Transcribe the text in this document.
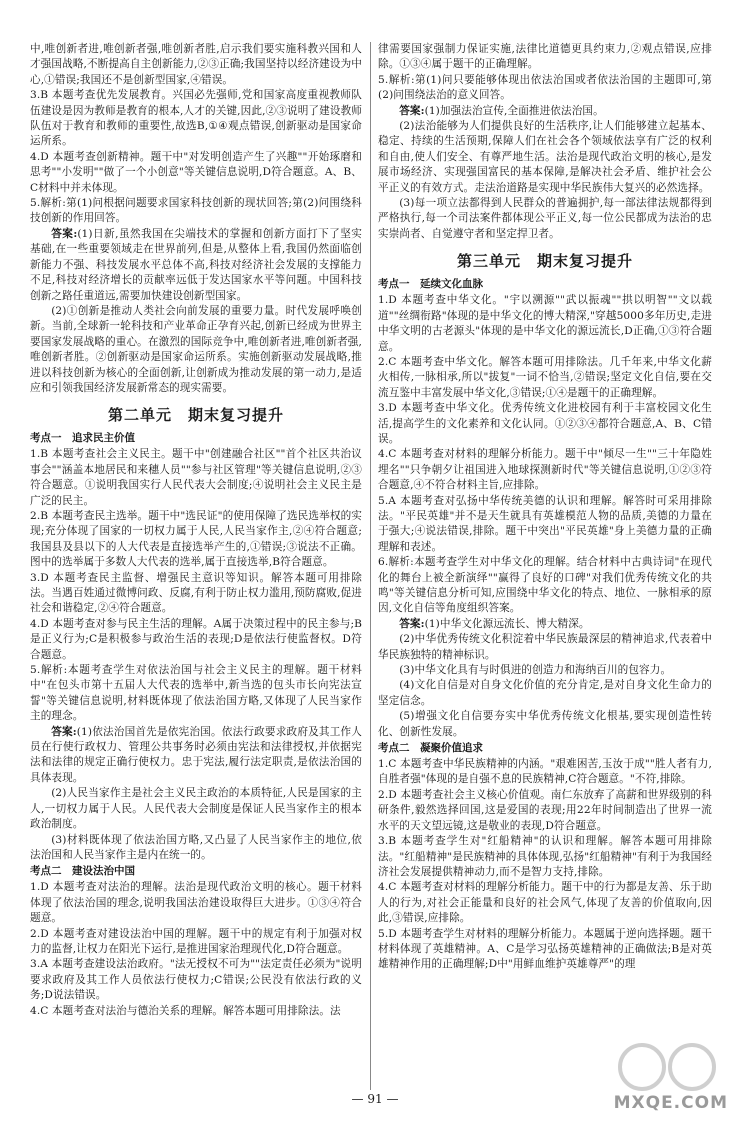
中,唯创新者进,唯创新者强,唯创新者胜,启示我们要实施科教兴国和人才强国战略,不断提高自主创新能力,②③正确;我国坚持以经济建设为中心,①错误;我国还不是创新型国家,④错误。

3.B 本题考查优先发展教育。兴国必先强师,党和国家高度重视教师队伍建设是因为教师是教育的根本,人才的关键,因此,②③说明了建设教师队伍对于教育和教师的重要性,故选B,①④观点错误,创新驱动是国家命运所系。

4.D 本题考查创新精神。题干中"对发明创造产生了兴趣""开始琢磨和思考""小发明""做了一个小创意"等关键信息说明,D符合题意。A、B、C材料中并未体现。

5.解析:第(1)问根据问题要求国家科技创新的现状回答;第(2)问围绕科技创新的作用回答。

答案:(1)日新,虽然我国在尖端技术的掌握和创新方面打下了坚实基础,在一些重要领域走在世界前列,但是,从整体上看,我国仍然面临创新能力不强、科技发展水平总体不高,科技对经济社会发展的支撑能力不足,科技对经济增长的贡献率远低于发达国家水平等问题。中国科技创新之路任重道远,需要加快建设创新型国家。

(2)①创新是推动人类社会向前发展的重要力量。时代发展呼唤创新。当前,全球新一轮科技和产业革命正孕育兴起,创新已经成为世界主要国家发展战略的重心。在激烈的国际竞争中,唯创新者进,唯创新者强,唯创新者胜。②创新驱动是国家命运所系。实施创新驱动发展战略,推进以科技创新为核心的全面创新,让创新成为推动发展的第一动力,是适应和引领我国经济发展新常态的现实需要。

第二单元　期末复习提升
考点一　追求民主价值

1.B 本题考查社会主义民主。题干中"创建融合社区""首个社区共治议事会""涵盖本地居民和来穗人员""参与社区管理"等关键信息说明,②③符合题意。①说明我国实行人民代表大会制度;④说明社会主义民主是广泛的民主。

2.B 本题考查民主选举。题干中"选民证"的使用保障了选民选举权的实现;充分体现了国家的一切权力属于人民,人民当家作主,②④符合题意;我国县及县以下的人大代表是直接选举产生的,①错误;③说法不正确。图中的选举属于多数人大代表的选举,属于直接选举,B符合题意。

3.D 本题考查民主监督、增强民主意识等知识。解答本题可用排除法。当遇百姓通过微博问政、反腐,有利于防止权力滥用,预防腐败,促进社会和谐稳定,②④符合题意。

4.D 本题考查对参与民主生活的理解。A属于决策过程中的民主参与;B是正义行为;C是积极参与政治生活的表现;D是依法行使监督权。D符合题意。

5.解析:本题考查学生对依法治国与社会主义民主的理解。题干材料中"在包头市第十五届人大代表的选举中,新当选的包头市长向宪法宣誓"等关键信息说明,材料既体现了依法治国方略,又体现了人民当家作主的理念。

答案:(1)依法治国首先是依宪治国。依法行政要求政府及其工作人员在行使行政权力、管理公共事务时必须由宪法和法律授权,并依据宪法和法律的规定正确行使权力。忠于宪法,履行法定职责,是依法治国的具体表现。

(2)人民当家作主是社会主义民主政治的本质特征,人民是国家的主人,一切权力属于人民。人民代表大会制度是保证人民当家作主的根本政治制度。

(3)材料既体现了依法治国方略,又凸显了人民当家作主的地位,依法治国和人民当家作主是内在统一的。

考点二　建设法治中国

1.D 本题考查对法治的理解。法治是现代政治文明的核心。题干材料体现了依法治国的理念,说明我国法治建设取得巨大进步。①③④符合题意。

2.D 本题考查对建设法治中国的理解。题干中的规定有利于加强对权力的监督,让权力在阳光下运行,是推进国家治理现代化,D符合题意。

3.A 本题考查建设法治政府。"法无授权不可为""法定责任必须为"说明要求政府及其工作人员依法行使权力;C错误;公民没有依法行政的义务;D说法错误。

4.C 本题考查对法治与德治关系的理解。解答本题可用排除法。法

律需要国家强制力保证实施,法律比道德更具约束力,②观点错误,应排除。①③④属于题干的正确理解。

5.解析:第(1)问只要能够体现出依法治国或者依法治国的主题即可,第(2)问围绕法治的意义回答。

答案:(1)加强法治宣传,全面推进依法治国。

(2)法治能够为人们提供良好的生活秩序,让人们能够建立起基本、稳定、持续的生活预期,保障人们在社会各个领域依法享有广泛的权利和自由,使人们安全、有尊严地生活。法治是现代政治文明的核心,是发展市场经济、实现强国富民的基本保障,是解决社会矛盾、维护社会公平正义的有效方式。走法治道路是实现中华民族伟大复兴的必然选择。

(3)每一项立法都得到人民群众的普遍拥护,每一部法律法规都得到严格执行,每一个司法案件都体现公平正义,每一位公民都成为法治的忠实崇尚者、自觉遵守者和坚定捍卫者。

第三单元　期末复习提升
考点一　延续文化血脉

1.D 本题考查中华文化。"宇以溯源""武以振魂""拱以明智""文以载道""丝绸衔路"体现的是中华文化的博大精深,"穿越5000多年历史,走进中华文明的古老源头"体现的是中华文化的源远流长,D正确,①③符合题意。

2.C 本题考查中华文化。解答本题可用排除法。几千年来,中华文化薪火相传,一脉相承,所以"拔复"一词不恰当,②错误;坚定文化自信,要在交流互鉴中丰富发展中华文化,③错误;①④是题干的正确理解。

3.D 本题考查中华文化。优秀传统文化进校园有利于丰富校园文化生活,提高学生的文化素养和文化认同。①②③④都符合题意,A、B、C错误。

4.C 本题考查对材料的理解分析能力。题干中"倾尽一生""三十年隐姓埋名""只争朝夕让祖国进入地球探测新时代"等关键信息说明,①②③符合题意,④不符合材料主旨,应排除。

5.A 本题考查对弘扬中华传统美德的认识和理解。解答时可采用排除法。"平民英雄"并不是天生就具有英雄模范人物的品质,美德的力量在于强大;④说法错误,排除。题干中突出"平民英雄"身上美德力量的正确理解和表述。

6.解析:本题考查学生对中华文化的理解。结合材料中古典诗词"在现代化的舞台上被全新演绎""赢得了良好的口碑"对我们优秀传统文化的共鸣"等关键信息分析可知,应围绕中华文化的特点、地位、一脉相承的原因,文化自信等角度组织答案。

答案:(1)中华文化源远流长、博大精深。

(2)中华优秀传统文化积淀着中华民族最深层的精神追求,代表着中华民族独特的精神标识。

(3)中华文化具有与时俱进的创造力和海纳百川的包容力。

(4)文化自信是对自身文化价值的充分肯定,是对自身文化生命力的坚定信念。

(5)增强文化自信要夯实中华优秀传统文化根基,要实现创造性转化、创新性发展。

考点二　凝聚价值追求

1.C 本题考查中华民族精神的内涵。"艰难困苦,玉汝于成""胜人者有力,自胜者强"体现的是自强不息的民族精神,C符合题意。"不符,排除。

2.D 本题考查社会主义核心价值观。南仁东放弃了高薪和世界级别的科研条件,毅然选择回国,这是爱国的表现;用22年时间制造出了世界一流水平的天文望远镜,这是敬业的表现,D符合题意。

3.B 本题考查学生对"红船精神"的认识和理解。解答本题可用排除法。"红船精神"是民族精神的具体体现,弘扬"红船精神"有利于为我国经济社会发展提供精神动力,而不是智力支持,排除。

4.C 本题考查对材料的理解分析能力。题干中的行为都是友善、乐于助人的行为,对社会正能量和良好的社会风气,体现了友善的价值取向,因此,③错误,应排除。

5.D 本题考查学生对材料的理解分析能力。本题属于逆向选择题。题干材料体现了英雄精神。A、C是学习弘扬英雄精神的正确做法;B是对英雄精神作用的正确理解;D中"用鲜血维护英雄尊严"的理

— 91 —	MXQE.COM
